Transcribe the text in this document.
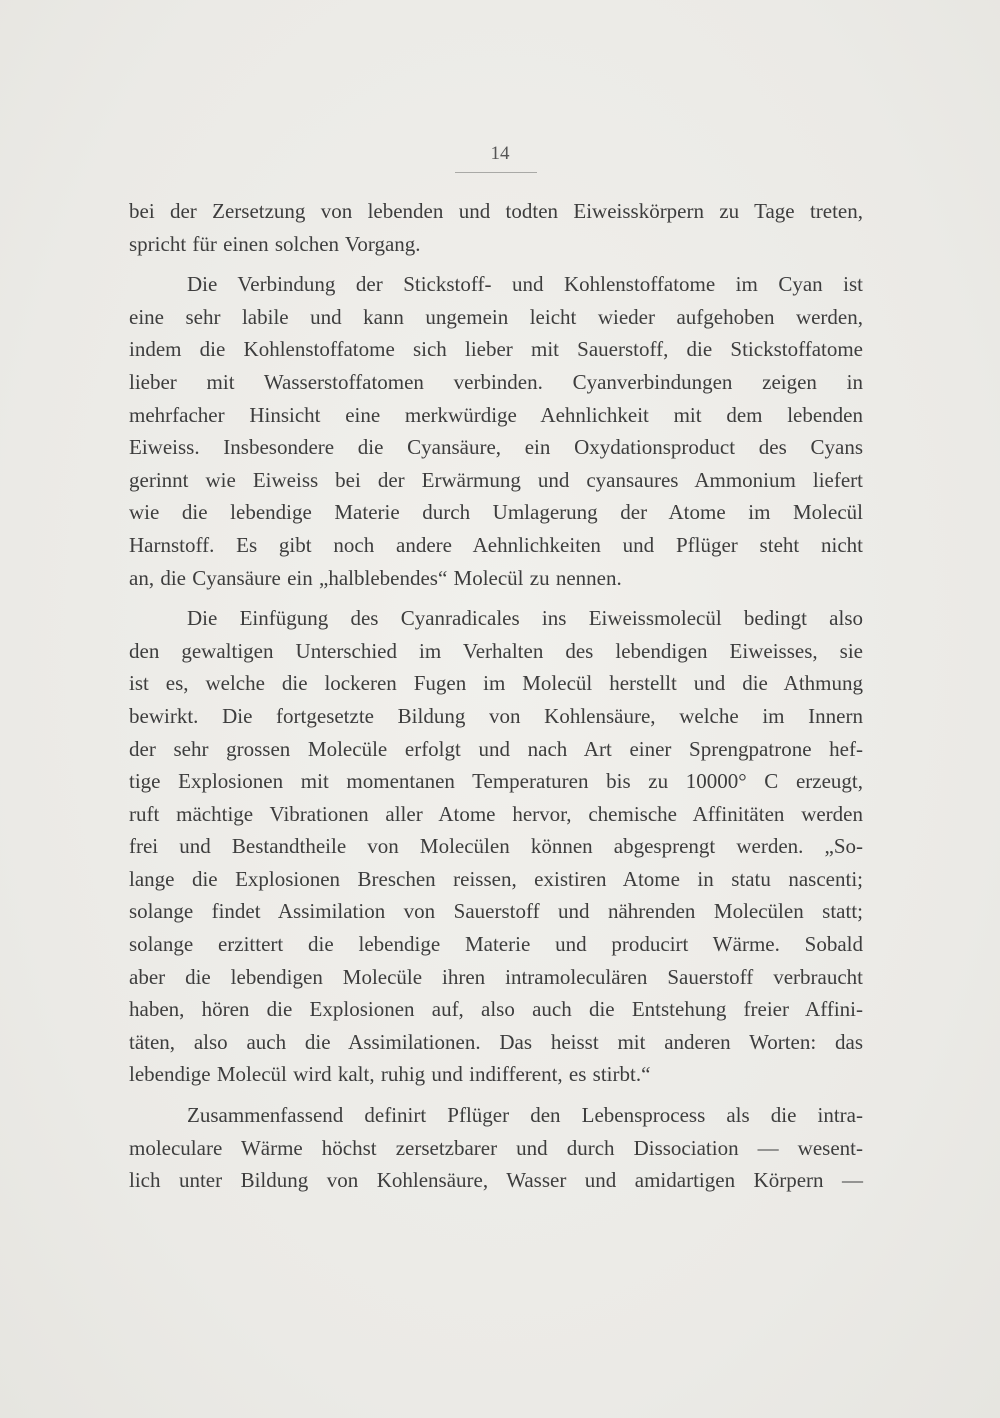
14
bei der Zersetzung von lebenden und todten Eiweisskörpern zu Tage treten,
spricht für einen solchen Vorgang.
Die Verbindung der Stickstoff- und Kohlenstoffatome im Cyan ist
eine sehr labile und kann ungemein leicht wieder aufgehoben werden,
indem die Kohlenstoffatome sich lieber mit Sauerstoff, die Stickstoffatome
lieber mit Wasserstoffatomen verbinden. Cyanverbindungen zeigen in
mehrfacher Hinsicht eine merkwürdige Aehnlichkeit mit dem lebenden
Eiweiss. Insbesondere die Cyansäure, ein Oxydationsproduct des Cyans
gerinnt wie Eiweiss bei der Erwärmung und cyansaures Ammonium liefert
wie die lebendige Materie durch Umlagerung der Atome im Molecül
Harnstoff. Es gibt noch andere Aehnlichkeiten und Pflüger steht nicht
an, die Cyansäure ein „halblebendes“ Molecül zu nennen.
Die Einfügung des Cyanradicales ins Eiweissmolecül bedingt also
den gewaltigen Unterschied im Verhalten des lebendigen Eiweisses, sie
ist es, welche die lockeren Fugen im Molecül herstellt und die Athmung
bewirkt. Die fortgesetzte Bildung von Kohlensäure, welche im Innern
der sehr grossen Molecüle erfolgt und nach Art einer Sprengpatrone hef-
tige Explosionen mit momentanen Temperaturen bis zu 10000° C erzeugt,
ruft mächtige Vibrationen aller Atome hervor, chemische Affinitäten werden
frei und Bestandtheile von Molecülen können abgesprengt werden. „So-
lange die Explosionen Breschen reissen, existiren Atome in statu nascenti;
solange findet Assimilation von Sauerstoff und nährenden Molecülen statt;
solange erzittert die lebendige Materie und producirt Wärme. Sobald
aber die lebendigen Molecüle ihren intramoleculären Sauerstoff verbraucht
haben, hören die Explosionen auf, also auch die Entstehung freier Affini-
täten, also auch die Assimilationen. Das heisst mit anderen Worten: das
lebendige Molecül wird kalt, ruhig und indifferent, es stirbt.“
Zusammenfassend definirt Pflüger den Lebensprocess als die intra-
moleculare Wärme höchst zersetzbarer und durch Dissociation — wesent-
lich unter Bildung von Kohlensäure, Wasser und amidartigen Körpern —
